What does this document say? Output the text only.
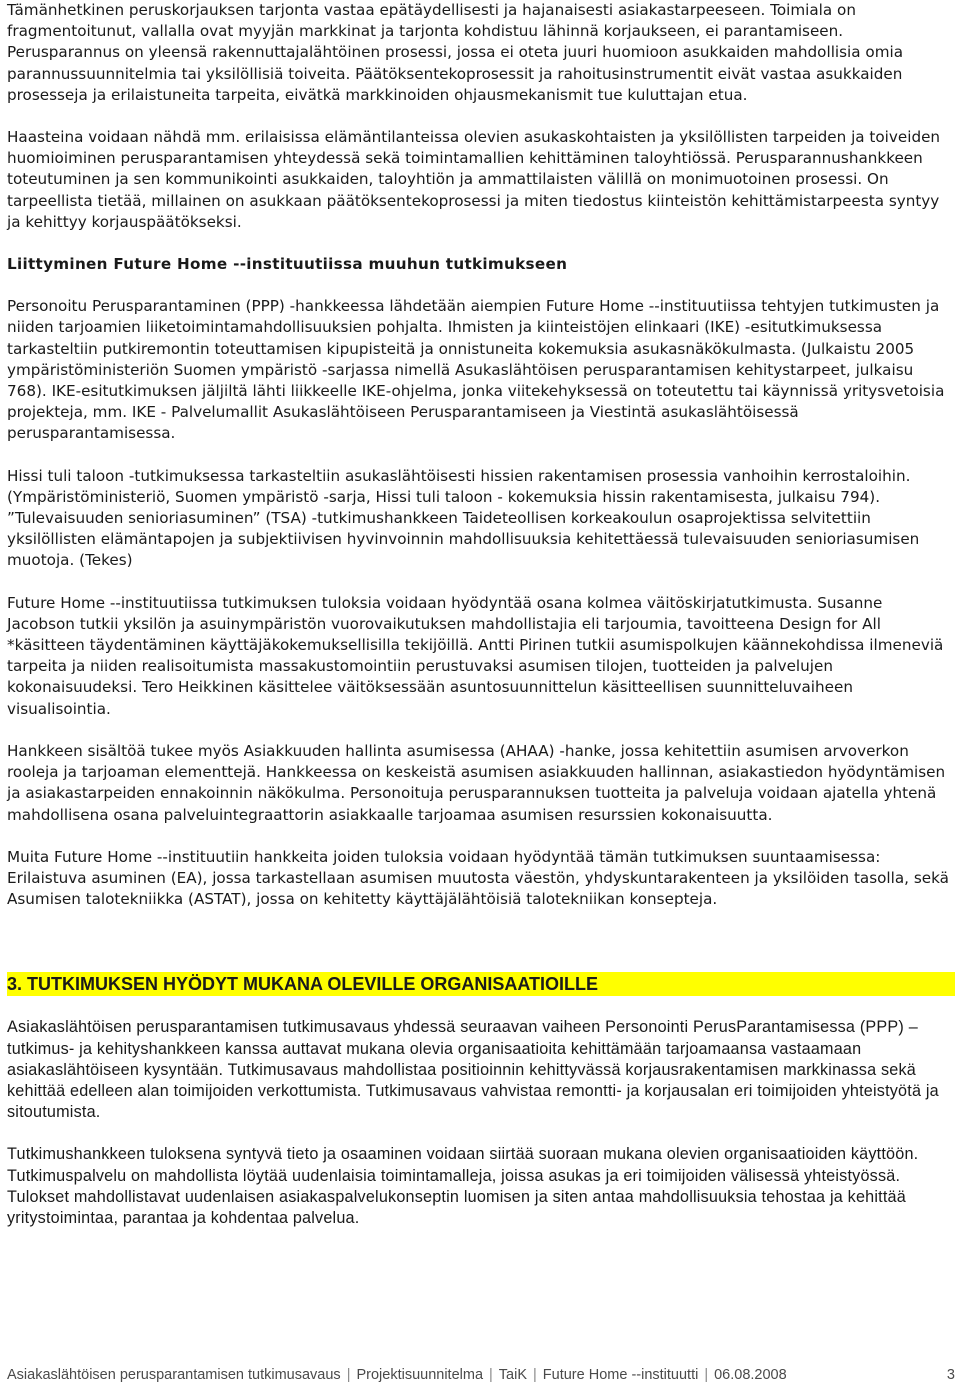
Tämänhetkinen peruskorjauksen tarjonta vastaa epätäydellisesti ja hajanaisesti asiakastarpeeseen. Toimiala on fragmentoitunut, vallalla ovat myyjän markkinat ja tarjonta kohdistuu lähinnä korjaukseen, ei parantamiseen. Perusparannus on yleensä rakennuttajalähtöinen prosessi, jossa ei oteta juuri huomioon asukkaiden mahdollisia omia parannussuunnitelmia tai yksilöllisiä toiveita. Päätöksentekoprosessit ja rahoitusinstrumentit eivät vastaa asukkaiden prosesseja ja erilaistuneita tarpeita, eivätkä markkinoiden ohjausmekanismit tue kuluttajan etua.

Haasteina voidaan nähdä mm. erilaisissa elämäntilanteissa olevien asukaskohtaisten ja yksilöllisten tarpeiden ja toiveiden huomioiminen perusparantamisen yhteydessä sekä toimintamallien kehittäminen taloyhtiössä. Perusparannushankkeen toteutuminen ja sen kommunikointi asukkaiden, taloyhtiön ja ammattilaisten välillä on monimuotoinen prosessi. On tarpeellista tietää, millainen on asukkaan päätöksentekoprosessi ja miten tiedostus kiinteistön kehittämistarpeesta syntyy ja kehittyy korjauspäätökseksi.

Liittyminen Future Home --instituutiissa muuhun tutkimukseen

Personoitu Perusparantaminen (PPP) -hankkeessa lähdetään aiempien Future Home --instituutiissa tehtyjen tutkimusten ja niiden tarjoamien liiketoimintamahdollisuuksien pohjalta. Ihmisten ja kiinteistöjen elinkaari (IKE) -esitutkimuksessa tarkasteltiin putkiremontin toteuttamisen kipupisteitä ja onnistuneita kokemuksia asukasnäkökulmasta. (Julkaistu 2005 ympäristöministeriön Suomen ympäristö -sarjassa nimellä Asukaslähtöisen perusparantamisen kehitystarpeet, julkaisu 768). IKE-esitutkimuksen jäljiltä lähti liikkeelle IKE-ohjelma, jonka viitekehyksessä on toteutettu tai käynnissä yritysvetoisia projekteja, mm. IKE - Palvelumallit Asukaslähtöiseen Perusparantamiseen ja Viestintä asukaslähtöisessä perusparantamisessa.

Hissi tuli taloon -tutkimuksessa tarkasteltiin asukaslähtöisesti hissien rakentamisen prosessia vanhoihin kerrostaloihin. (Ympäristöministeriö, Suomen ympäristö -sarja, Hissi tuli taloon - kokemuksia hissin rakentamisesta, julkaisu 794). ”Tulevaisuuden senioriasuminen” (TSA) -tutkimushankkeen Taideteollisen korkeakoulun osaprojektissa selvitettiin yksilöllisten elämäntapojen ja subjektiivisen hyvinvoinnin mahdollisuuksia kehitettäessä tulevaisuuden senioriasumisen muotoja. (Tekes)

Future Home --instituutiissa tutkimuksen tuloksia voidaan hyödyntää osana kolmea väitöskirjatutkimusta. Susanne Jacobson tutkii yksilön ja asuinympäristön vuorovaikutuksen mahdollistajia eli tarjoumia, tavoitteena Design for All *käsitteen täydentäminen käyttäjäkokemuksellisilla tekijöillä. Antti Pirinen tutkii asumispolkujen käännekohdissa ilmeneviä tarpeita ja niiden realisoitumista massakustomointiin perustuvaksi asumisen tilojen, tuotteiden ja palvelujen kokonaisuudeksi. Tero Heikkinen käsittelee väitöksessään asuntosuunnittelun käsitteellisen suunnitteluvaiheen visualisointia.

Hankkeen sisältöä tukee myös Asiakkuuden hallinta asumisessa (AHAA) -hanke, jossa kehitettiin asumisen arvoverkon rooleja ja tarjoaman elementtejä. Hankkeessa on keskeistä asumisen asiakkuuden hallinnan, asiakastiedon hyödyntämisen ja asiakastarpeiden ennakoinnin näkökulma. Personoituja perusparannuksen tuotteita ja palveluja voidaan ajatella yhtenä mahdollisena osana palveluintegraattorin asiakkaalle tarjoamaa asumisen resurssien kokonaisuutta.

Muita Future Home --instituutiin hankkeita joiden tuloksia voidaan hyödyntää tämän tutkimuksen suuntaamisessa: Erilaistuva asuminen (EA), jossa tarkastellaan asumisen muutosta väestön, yhdyskuntarakenteen ja yksilöiden tasolla, sekä Asumisen talotekniikka (ASTAT), jossa on kehitetty käyttäjälähtöisiä talotekniikan konsepteja.

3. TUTKIMUKSEN HYÖDYT MUKANA OLEVILLE ORGANISAATIOILLE

Asiakaslähtöisen perusparantamisen tutkimusavaus yhdessä seuraavan vaiheen Personointi PerusParantamisessa (PPP) –tutkimus- ja kehityshankkeen kanssa auttavat mukana olevia organisaatioita kehittämään tarjoamaansa vastaamaan asiakaslähtöiseen kysyntään. Tutkimusavaus mahdollistaa positioinnin kehittyvässä korjausrakentamisen markkinassa sekä kehittää edelleen alan toimijoiden verkottumista. Tutkimusavaus vahvistaa remontti- ja korjausalan eri toimijoiden yhteistyötä ja sitoutumista.

Tutkimushankkeen tuloksena syntyvä tieto ja osaaminen voidaan siirtää suoraan mukana olevien organisaatioiden käyttöön. Tutkimuspalvelu on mahdollista löytää uudenlaisia toimintamalleja, joissa asukas ja eri toimijoiden välisessä yhteistyössä. Tulokset mahdollistavat uudenlaisen asiakaspalvelukonseptin luomisen ja siten antaa mahdollisuuksia tehostaa ja kehittää yritystoimintaa, parantaa ja kohdentaa palvelua.

Asiakaslähtöisen perusparantamisen tutkimusavaus | Projektisuunnitelma | TaiK | Future Home --instituutti | 06.08.2008	3
